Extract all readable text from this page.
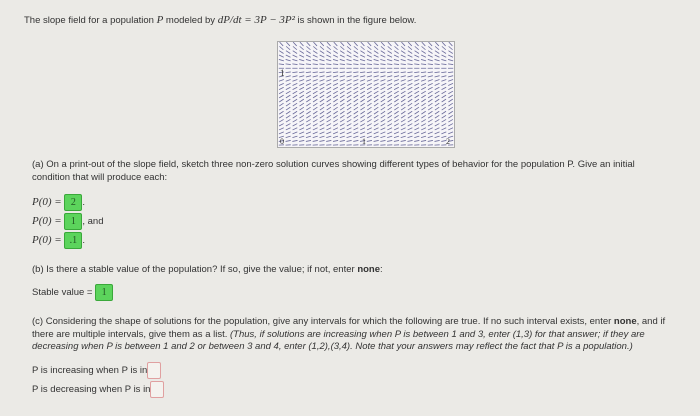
The slope field for a population P modeled by dP/dt = 3P − 3P² is shown in the figure below.
1
0	1	2
(a) On a print-out of the slope field, sketch three non-zero solution curves showing different types of behavior for the population P. Give an initial condition that will produce each:
P(0) = 2 .
P(0) = 1 , and
P(0) = .1 .
(b) Is there a stable value of the population? If so, give the value; if not, enter none:
Stable value = 1
(c) Considering the shape of solutions for the population, give any intervals for which the following are true. If no such interval exists, enter none, and if there are multiple intervals, give them as a list. (Thus, if solutions are increasing when P is between 1 and 3, enter (1,3) for that answer; if they are decreasing when P is between 1 and 2 or between 3 and 4, enter (1,2),(3,4). Note that your answers may reflect the fact that P is a population.)
P is increasing when P is in
P is decreasing when P is in
